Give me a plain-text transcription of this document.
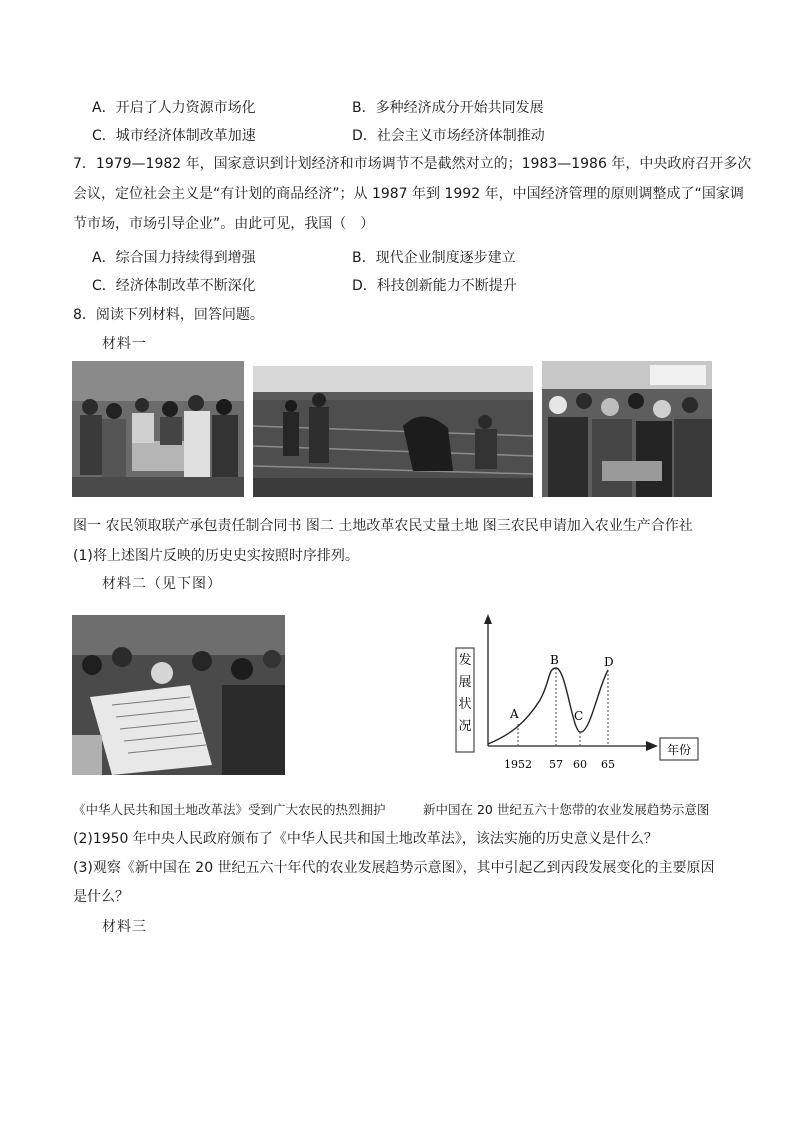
A．开启了人力资源市场化	B．多种经济成分开始共同发展
C．城市经济体制改革加速	D．社会主义市场经济体制推动
7．1979—1982 年，国家意识到计划经济和市场调节不是截然对立的；1983—1986 年，中央政府召开多次
会议，定位社会主义是“有计划的商品经济”；从 1987 年到 1992 年，中国经济管理的原则调整成了“国家调
节市场，市场引导企业”。由此可见，我国（　）
A．综合国力持续得到增强	B．现代企业制度逐步建立
C．经济体制改革不断深化	D．科技创新能力不断提升
8．阅读下列材料，回答问题。
材料一
图一 农民领取联产承包责任制合同书 图二 土地改革农民丈量土地 图三农民申请加入农业生产合作社
(1)将上述图片反映的历史史实按照时序排列。
材料二（见下图）
发展状况
年份
A
B
C
D
1952 57 60 65
《中华人民共和国土地改革法》受到广大农民的热烈拥护	新中国在 20 世纪五六十您带的农业发展趋势示意图
(2)1950 年中央人民政府颁布了《中华人民共和国土地改革法》，该法实施的历史意义是什么？
(3)观察《新中国在 20 世纪五六十年代的农业发展趋势示意图》，其中引起乙到丙段发展变化的主要原因
是什么？
材料三
